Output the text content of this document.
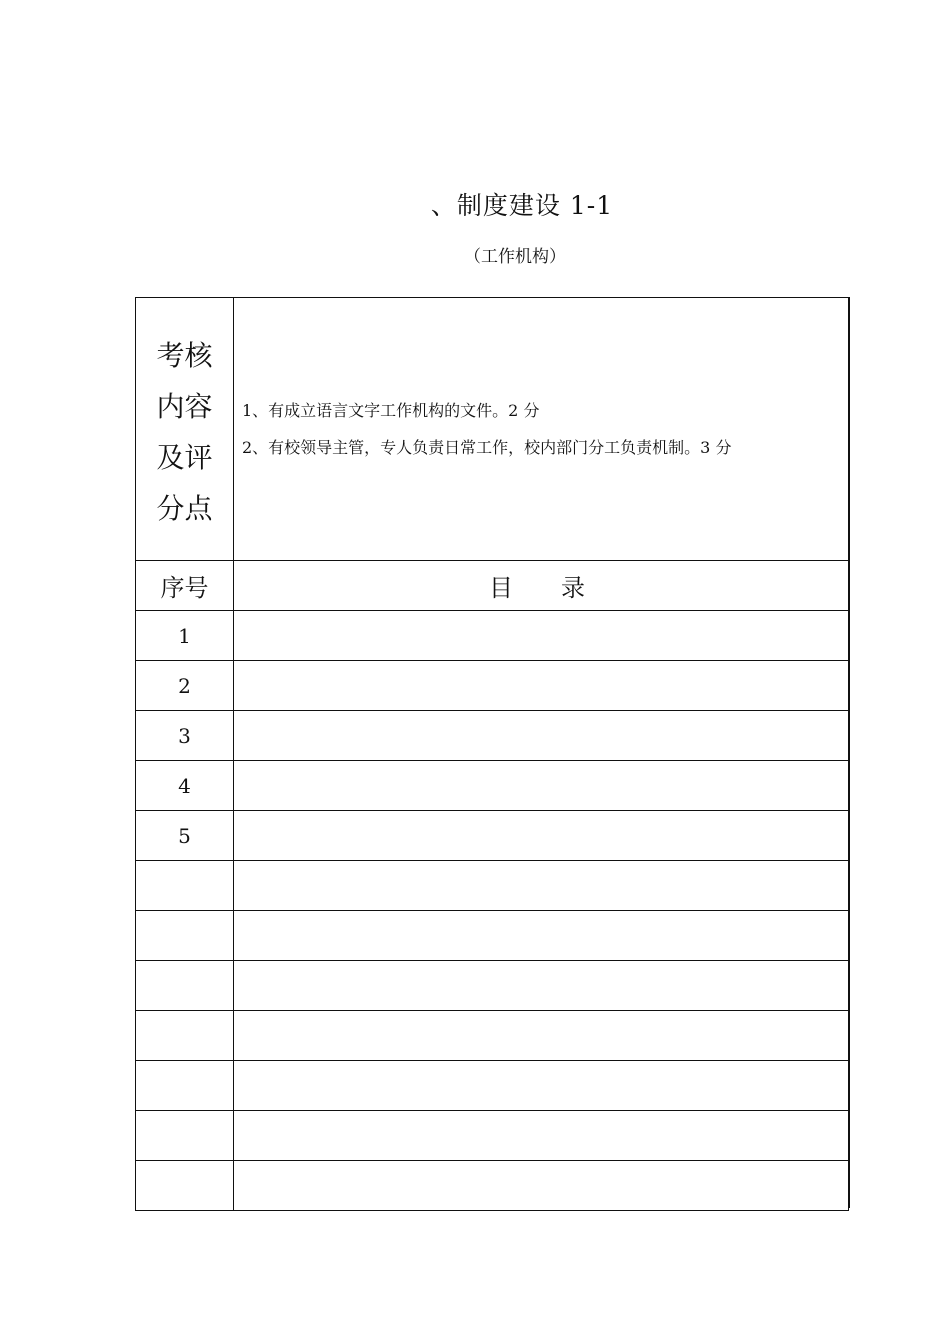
、制度建设 1-1
（工作机构）
考核内容及评分点	1、有成立语言文字工作机构的文件。2 分
2、有校领导主管，专人负责日常工作，校内部门分工负责机制。3 分

序号	目录
1	
2	
3	
4	
5	
